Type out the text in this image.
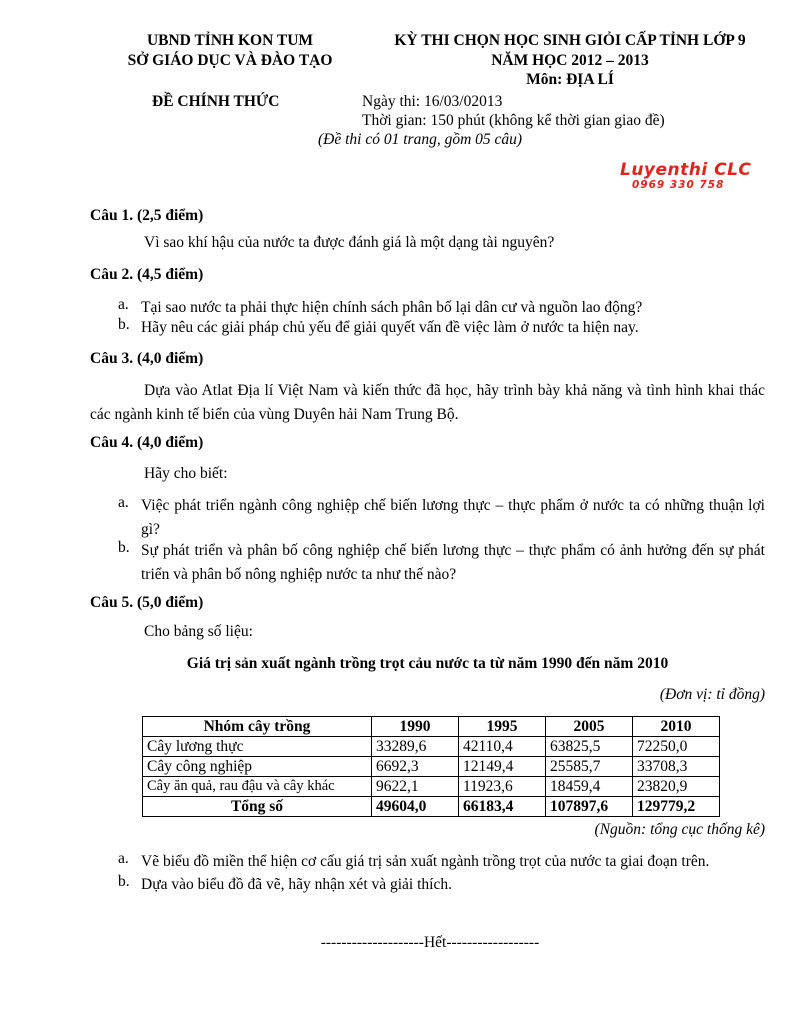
UBND TỈNH KON TUM
SỞ GIÁO DỤC VÀ ĐÀO TẠO
KỲ THI CHỌN HỌC SINH GIỎI CẤP TỈNH LỚP 9
NĂM HỌC 2012 – 2013
Môn: ĐỊA LÍ
ĐỀ CHÍNH THỨC	Ngày thi: 16/03/02013
Thời gian: 150 phút (không kể thời gian giao đề)
(Đề thi có 01 trang, gồm 05 câu)
Luyenthi CLC
0969 330 758
Câu 1. (2,5 điểm)
Vì sao khí hậu của nước ta được đánh giá là một dạng tài nguyên?
Câu 2. (4,5 điểm)
a. Tại sao nước ta phải thực hiện chính sách phân bố lại dân cư và nguồn lao động?
b. Hãy nêu các giải pháp chủ yếu để giải quyết vấn đề việc làm ở nước ta hiện nay.
Câu 3. (4,0 điểm)
Dựa vào Atlat Địa lí Việt Nam và kiến thức đã học, hãy trình bày khả năng và tình hình khai thác các ngành kinh tế biển của vùng Duyên hải Nam Trung Bộ.
Câu 4. (4,0 điểm)
Hãy cho biết:
a. Việc phát triển ngành công nghiệp chế biến lương thực – thực phẩm ở nước ta có những thuận lợi gì?
b. Sự phát triển và phân bố công nghiệp chế biến lương thực – thực phẩm có ảnh hưởng đến sự phát triển và phân bố nông nghiệp nước ta như thế nào?
Câu 5. (5,0 điểm)
Cho bảng số liệu:
Giá trị sản xuất ngành trồng trọt cảu nước ta từ năm 1990 đến năm 2010
(Đơn vị: tỉ đồng)
Nhóm cây trồng	1990	1995	2005	2010
Cây lương thực	33289,6	42110,4	63825,5	72250,0
Cây công nghiệp	6692,3	12149,4	25585,7	33708,3
Cây ăn quả, rau đậu và cây khác	9622,1	11923,6	18459,4	23820,9
Tổng số	49604,0	66183,4	107897,6	129779,2
(Nguồn: tổng cục thống kê)
a. Vẽ biểu đồ miền thể hiện cơ cấu giá trị sản xuất ngành trồng trọt của nước ta giai đoạn trên.
b. Dựa vào biểu đồ đã vẽ, hãy nhận xét và giải thích.
--------------------Hết------------------
